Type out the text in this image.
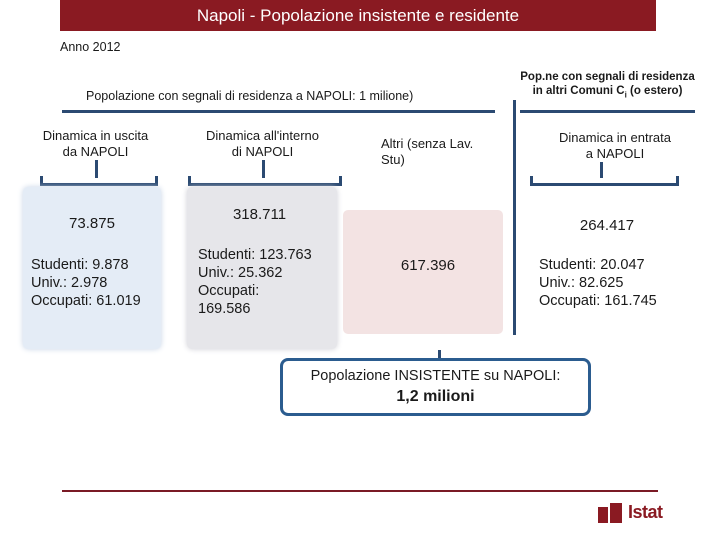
Napoli - Popolazione insistente e residente
Anno 2012
Popolazione con segnali di residenza a NAPOLI: 1 milione)
Pop.ne con segnali di residenza
in altri Comuni $C_i$ (o estero)
Dinamica in uscita
da NAPOLI
Dinamica all'interno
di NAPOLI
Altri (senza Lav.
Stu)
Dinamica in entrata
a NAPOLI
73.875
Studenti: 9.878
Univ.: 2.978
Occupati: 61.019
318.711
Studenti: 123.763
Univ.: 25.362
Occupati:
169.586
617.396
264.417
Studenti: 20.047
Univ.: 82.625
Occupati: 161.745
Popolazione INSISTENTE su NAPOLI:
1,2 milioni
Istat
